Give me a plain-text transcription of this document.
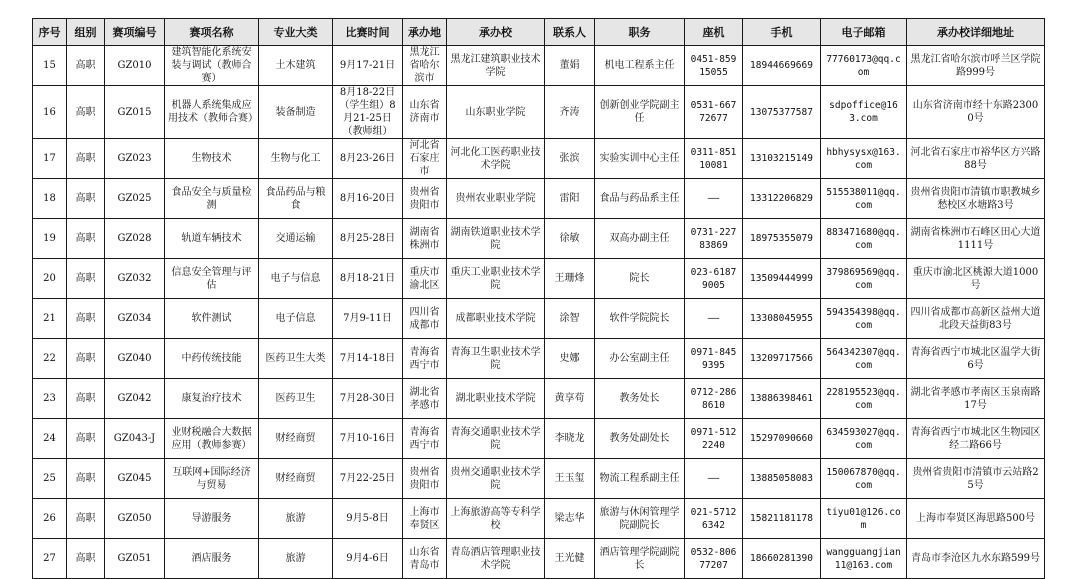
序号	组别	赛项编号	赛项名称	专业大类	比赛时间	承办地	承办校	联系人	职务	座机	手机	电子邮箱	承办校详细地址
15	高职	GZ010	建筑智能化系统安装与调试（教师合赛）	土木建筑	9月17-21日	黑龙江省哈尔滨市	黑龙江建筑职业技术学院	董娟	机电工程系主任	0451-85915055	18944669669	77760173@qq.com	黑龙江省哈尔滨市呼兰区学院路999号
16	高职	GZ015	机器人系统集成应用技术（教师合赛）	装备制造	8月18-22日（学生组）8月21-25日（教师组）	山东省济南市	山东职业学院	齐涛	创新创业学院副主任	0531-66772677	13075377587	sdpoffice@163.com	山东省济南市经十东路23000号
17	高职	GZ023	生物技术	生物与化工	8月23-26日	河北省石家庄市	河北化工医药职业技术学院	张滨	实验实训中心主任	0311-85110081	13103215149	hbhysysx@163.com	河北省石家庄市裕华区方兴路88号
18	高职	GZ025	食品安全与质量检测	食品药品与粮食	8月16-20日	贵州省贵阳市	贵州农业职业学院	雷阳	食品与药品系主任	——	13312206829	515538011@qq.com	贵州省贵阳市清镇市职教城乡愁校区水塘路3号
19	高职	GZ028	轨道车辆技术	交通运输	8月25-28日	湖南省株洲市	湖南铁道职业技术学院	徐敏	双高办副主任	0731-22783869	18975355079	883471680@qq.com	湖南省株洲市石峰区田心大道1111号
20	高职	GZ032	信息安全管理与评估	电子与信息	8月18-21日	重庆市渝北区	重庆工业职业技术学院	王珊烽	院长	023-61879005	13509444999	379869569@qq.com	重庆市渝北区桃源大道1000号
21	高职	GZ034	软件测试	电子信息	7月9-11日	四川省成都市	成都职业技术学院	涂智	软件学院院长	——	13308045955	594354398@qq.com	四川省成都市高新区益州大道北段天益街83号
22	高职	GZ040	中药传统技能	医药卫生大类	7月14-18日	青海省西宁市	青海卫生职业技术学院	史娜	办公室副主任	0971-8459395	13209717566	564342307@qq.com	青海省西宁市城北区温学大街6号
23	高职	GZ042	康复治疗技术	医药卫生	7月28-30日	湖北省孝感市	湖北职业技术学院	黄享苟	教务处长	0712-2868610	13886398461	228195523@qq.com	湖北省孝感市孝南区玉泉南路17号
24	高职	GZ043-J	业财税融合大数据应用（教师参赛）	财经商贸	7月10-16日	青海省西宁市	青海交通职业技术学院	李晓龙	教务处副处长	0971-5122240	15297090660	634593027@qq.com	青海省西宁市城北区生物园区经二路66号
25	高职	GZ045	互联网+国际经济与贸易	财经商贸	7月22-25日	贵州省贵阳市	贵州交通职业技术学院	王玉玺	物流工程系副主任	——	13885058083	150067870@qq.com	贵州省贵阳市清镇市云站路25号
26	高职	GZ050	导游服务	旅游	9月5-8日	上海市奉贤区	上海旅游高等专科学校	梁志华	旅游与休闲管理学院副院长	021-57126342	15821181178	tiyu01@126.com	上海市奉贤区海思路500号
27	高职	GZ051	酒店服务	旅游	9月4-6日	山东省青岛市	青岛酒店管理职业技术学院	王光健	酒店管理学院副院长	0532-80677207	18660281390	wangguangjian11@163.com	青岛市李沧区九水东路599号
